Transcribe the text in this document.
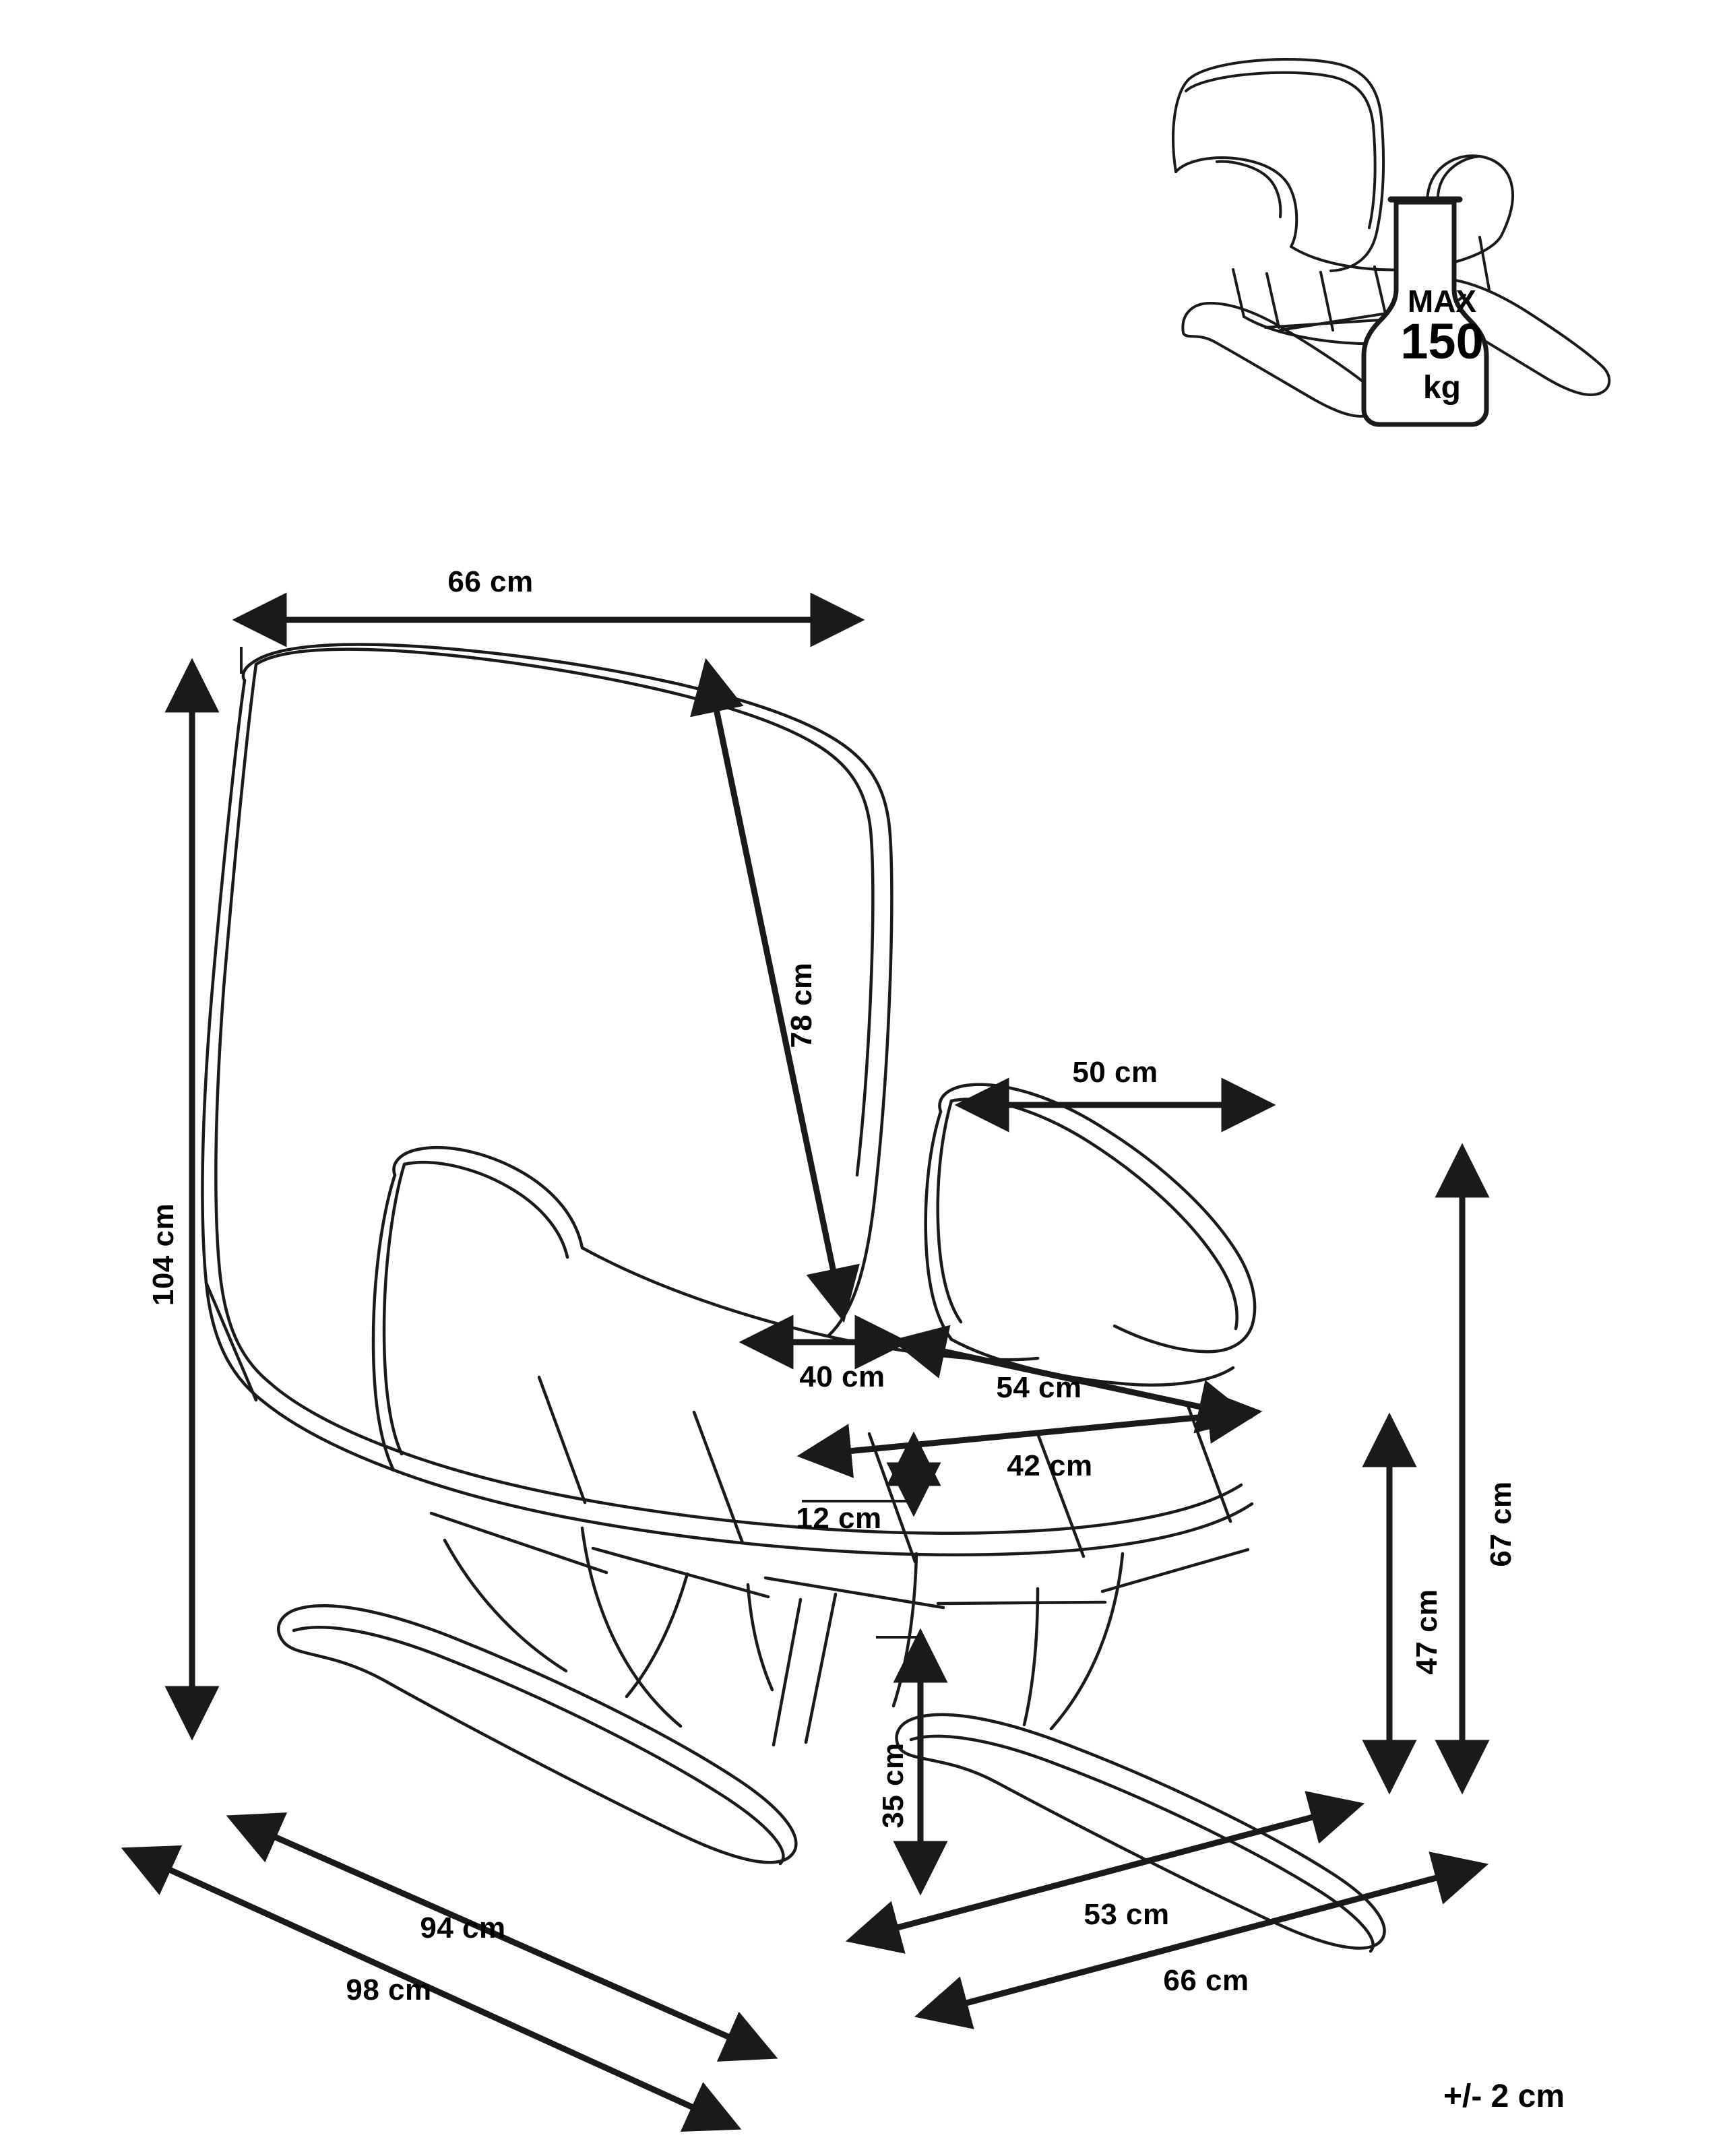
MAX
150
kg
66 cm
104 cm
78 cm
50 cm
40 cm	54 cm
42 cm
12 cm
35 cm
47 cm
67 cm
94 cm
98 cm
53 cm
66 cm
+/- 2 cm
